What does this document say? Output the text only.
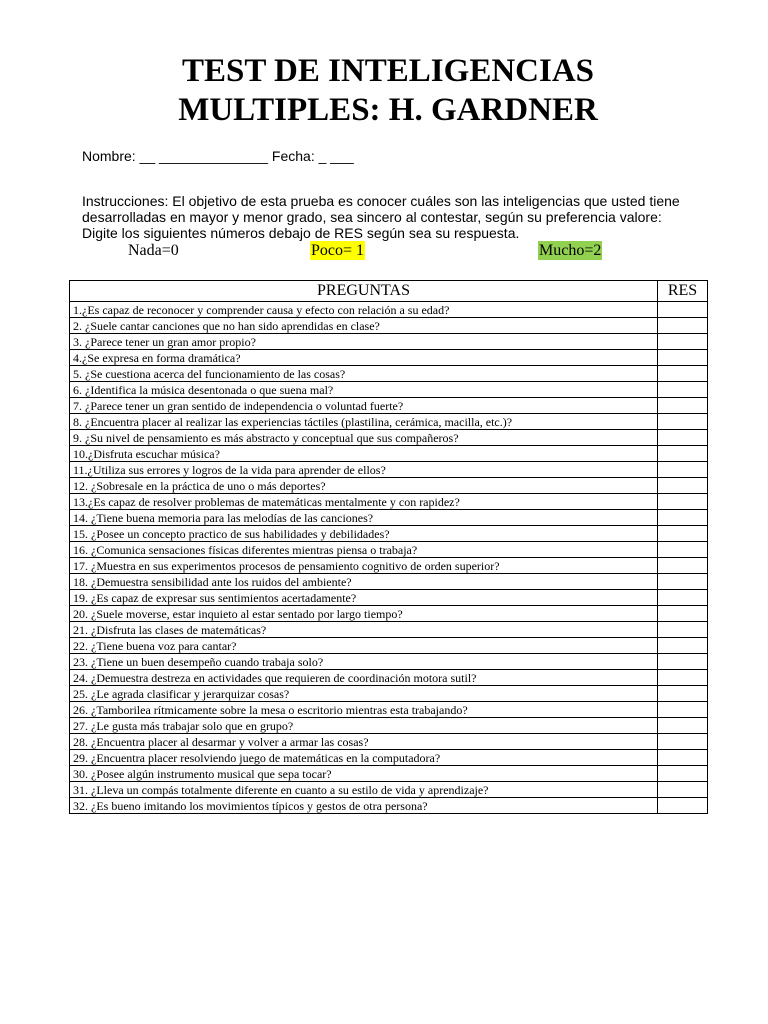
TEST DE INTELIGENCIAS
MULTIPLES: H. GARDNER
Nombre: __ ______________ Fecha: _ ___
Instrucciones: El objetivo de esta prueba es conocer cuáles son las inteligencias que usted tiene
desarrolladas en mayor y menor grado, sea sincero al contestar, según su preferencia valore:
Digite los siguientes números debajo de RES según sea su respuesta.
Nada=0	Poco= 1	Mucho=2
PREGUNTAS	RES
1.¿Es capaz de reconocer y comprender causa y efecto con relación a su edad?	
2. ¿Suele cantar canciones que no han sido aprendidas en clase?	
3. ¿Parece tener un gran amor propio?	
4.¿Se expresa en forma dramática?	
5. ¿Se cuestiona acerca del funcionamiento de las cosas?	
6. ¿Identifica la música desentonada o que suena mal?	
7. ¿Parece tener un gran sentido de independencia o voluntad fuerte?	
8. ¿Encuentra placer al realizar las experiencias táctiles (plastilina, cerámica, macilla, etc.)?	
9. ¿Su nivel de pensamiento es más abstracto y conceptual que sus compañeros?	
10.¿Disfruta escuchar música?	
11.¿Utiliza sus errores y logros de la vida para aprender de ellos?	
12. ¿Sobresale en la práctica de uno o más deportes?	
13.¿Es capaz de resolver problemas de matemáticas mentalmente y con rapidez?	
14. ¿Tiene buena memoria para las melodías de las canciones?	
15. ¿Posee un concepto practico de sus habilidades y debilidades?	
16. ¿Comunica sensaciones físicas diferentes mientras piensa o trabaja?	
17. ¿Muestra en sus experimentos procesos de pensamiento cognitivo de orden superior?	
18. ¿Demuestra sensibilidad ante los ruidos del ambiente?	
19. ¿Es capaz de expresar sus sentimientos acertadamente?	
20. ¿Suele moverse, estar inquieto al estar sentado por largo tiempo?	
21. ¿Disfruta las clases de matemáticas?	
22. ¿Tiene buena voz para cantar?	
23. ¿Tiene un buen desempeño cuando trabaja solo?	
24. ¿Demuestra destreza en actividades que requieren de coordinación motora sutil?	
25. ¿Le agrada clasificar y jerarquizar cosas?	
26. ¿Tamborilea rítmicamente sobre la mesa o escritorio mientras esta trabajando?	
27. ¿Le gusta más trabajar solo que en grupo?	
28. ¿Encuentra placer al desarmar y volver a armar las cosas?	
29. ¿Encuentra placer resolviendo juego de matemáticas en la computadora?	
30. ¿Posee algún instrumento musical que sepa tocar?	
31. ¿Lleva un compás totalmente diferente en cuanto a su estilo de vida y aprendizaje?	
32. ¿Es bueno imitando los movimientos típicos y gestos de otra persona?	
